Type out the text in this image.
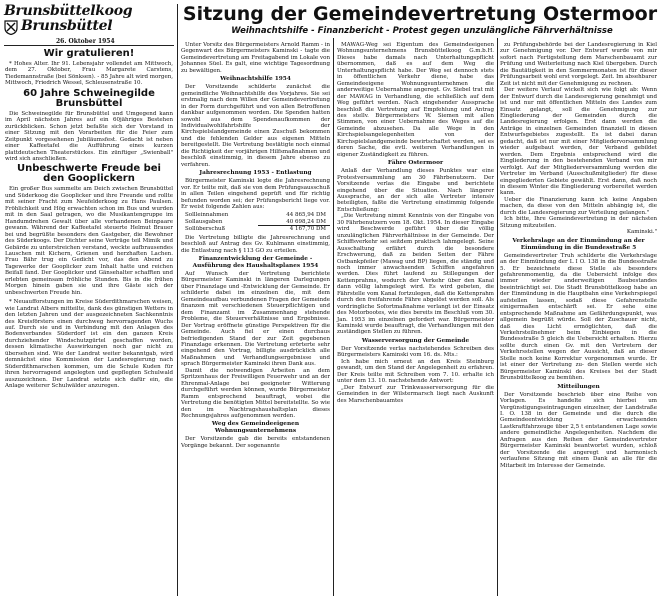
Brunsbüttelkoog
Brunsbüttel
26. Oktober 1954
Sitzung der Gemeindevertretung Ostermoor
Weihnachtshilfe - Finanzbericht - Protest gegen unzulängliche Fährverhältnisse
Wir gratulieren!

* Hohes Alter. Ihr 91. Lebensjahr vollendet am Mittwoch, dem 27. Oktober, Frau Margarete Carstens, Tiedemannstraße (bei Sönksen). - 85 Jahre alt wird morgen, Mittwoch, Friedrich Wessel, Schleusenstraße 10.

60 Jahre Schweinegilde Brunsbüttel

Die Schweinegilde für Brunsbüttel und Umgegend kann im April nächsten Jahres auf ein 60jähriges Bestehen zurückblicken. Schon jetzt befaßte sich der Vorstand in einer Sitzung mit den Vorarbeiten für die Feier zum Zeitpunkt vorgesehenen Jubiläumsfest. Gedacht ist neben einer Kaffeetafel die Aufführung eines kurzen plattdeutschen Theaterstückes. Ein zünftiger „Swienball" wird sich anschließen.

Unbeschwerte Freude bei den Gooplickern

Ein großer Bus sammelte am Deich zwischen Brunsbüttel und Süderkoog die Gooplicker und ihre Freunde und rollte mit seiner Fracht zum Neufelderkoog zu Hans Paulsen. Fröhlichkeit und Hög erwachten schon im Bus und wurden mit in den Saal getragen, wo die Musikantengruppe im Handumdrehen Gewalt über alle vorhandenen Beinpaare gewann. Während der Kaffeetafel steuerte Helmut Brauer bei und begrüßte besonders den Gastgeber, die Bewohner des Süderkoogs. Der Dichter seine Verträge teil Mimik und Gebärde zu unterstreichen verstand, weckte aufbrausendes Lauschen mit Kichern, Grienen und herzhaften Lachen. Frau Bähr trug ein Gedicht vor, das den Abend zu Tagewerke der Gooplicker zum Inhalt hatte und reichen Beifall fand. Der Gooplicker und Gänsehalter schafften und erlebten gemeinsam fröhliche Stunden. Bis in die frühen Morgen hinein gaben sie und ihre Gäste sich der unbeschwerten Freude hin.

* Neuaufforstungen im Kreise Süderdithmarschen weisen, wie Landrat Albers mitteilte, dank des günstigen Wetters in den letzten Jahren und der ausgezeichneten Sachkenntnis des Kreisförsters einen durchweg hervorragenden Wuchs auf. Durch sie und in Verbindung mit den Anlagen des Bodenverbandes Süderdorf ist ein den ganzen Kreis durchziehender Windschutzgürtel geschaffen worden, dessen klimatische Auswirkungen noch gar nicht zu übersehen sind. Wie der Landrat weiter bekanntgab, wird demnächst eine Kommission der Landesregierung nach Süderdithmarschen kommen, um die Schule Kuden für ihren hervorragend angelegten und gepflegten Schulwald auszuzeichnen. Der Landrat setzte sich dafür ein, die Anlage weiterer Schulwälder anzuregen.

Unter Vorsitz des Bürgermeisters Arnold Ramm - in Gegenwart des Bürgermeisters Kaminski - tagte die Gemeindevertretung am Freitagabend im Lokale von Johannes Süel. Es galt, eine wichtige Tagesordnung zu bewältigen.

Weihnachtshilfe 1954

Der Vorsitzende schilderte zunächst die gemeindliche Weihnachtshilfe des Vorjahres. Sie sei erstmalig nach dem Willen der Gemeindevertretung in der Form durchgeführt und von allen Betroffenen dankbar aufgenommen worden. Die Spenden hatten sowohl aus dem Spendenaufkommen der Individualwohlfahrtshilfe der Kirchspielslandgemeinde einen Zuschuß bekommen und die fehlenden Gelder aus eigenen Mitteln bereitgestellt. Die Vertretung bestätigte noch einmal die Richtigkeit der vorjährigen Hilfsmaßnahmen und beschloß einstimmig, in diesem Jahre ebenso zu verfahren.

Jahresrechnung 1953 - Entlastung

Bürgermeister Kaminski legte die Jahresrechnung vor. Er teilte mit, daß sie von dem Prüfungsausschuß in allen Teilen eingehend geprüft und für richtig befunden worden sei; der Prüfungsbericht liege vor. Er weist folgende Zahlen aus:

Sollleinnahmen	44 865,94 DM
Sollausgaben	40 698,24 DM
Sollüberschuß	4 167,70 DM

Die Vertretung billigte die Jahresrechnung und beschloß auf Antrag des Gv. Kuhlmann einstimmig, die Entlastung nach § 113 GO zu erteilen.

Finanzentwicklung der Gemeinde - Ausführung des Haushaltsplanes 1954

Auf Wunsch der Vertretung berichtete Bürgermeister Kaminski in längeren Darlegungen über Finanzlage und -Entwicklung der Gemeinde. Er schilderte dabei im einzelnen die, mit dem Gemeindeaufbau verbundenen Fragen der Gemeinde finanzen mit verschiedenen Steuerpflichtigen und dem Finanzamt im Zusammenhang stehende Probleme, die Steuerverhältnisse und Ergebnisse. Der Vortrag eröffnete günstige Perspektiven für die Gemeinde. Auch fiel er einen durchaus befriedigenden Stand der zur Zeit gegebenen Finanzlage erkennen. Die Vertretung erörterte sehr eingehend den Vortrag, billigte ausdrücklich alle Maßnahmen und Verhandlungsergebnisse und sprach Bürgermeister Kaminski ihren Dank aus.

Damit die notwendigen Arbeiten an dem Spritzenhaus der Freiwilligen Feuerwehr und an der Ehrenmal-Anlage bei geeigneter Witterung durchgeführt werden können, wurde Bürgermeister Ramm entsprechend beauftragt, wobei die Vertretung die benötigten Mittel bereitstellte. So wie den im Nachtragshaushaltsplan dieses Rechnungsjahres aufgenommen werden.

Weg des Gemeindeeigenen Wohnungsunternehmens

Der Vorsitzende gab die bereits entstandenen Vorgänge bekannt. Der sogenannte

MAWAG-Weg sei Eigentum des Gemeindeeigenen Wohnungsunternehmens Brunsbüttelkoog G.m.b.H. Dieses habe damals nach Unterhaltungspflicht übernommen, daß es auf dem Weg die Unterhaltungspflicht habe. Der Weg sei dennoch stets in öffentlichen Verkehr diene, habe das Gemeindeeigene Wohnungsunternehmen die anderweitige Uebernahme angeregt. Gv. Siebel trat mit der MAWAG in Verhandlung, die schließlich auf dem Weg geführt werden. Nach eingehender Aussprache beschloß die Vertretung auf Empfehlung und Antrag des stellv. Bürgermeisters W. Siemen mit allen Stimmen, von einer Uebernahme des Weges auf die Gemeinde abzusehen. Da alle Wege in den Kirchspielsangelegenheiten von der Kirchspielslandgemeinde bewirtschaftet werden, sei es deren Sache, die evtl. weiteren Verhandlungen in eigener Zuständigkeit zu führen.

Fähre Ostermoor

Anlaß der Verhandlung dieses Punktes war eine Protestversammlung am 30 Fährbenutzern. Der Vorsitzende verlas die Eingabe und berichtete eingehend über die Situation. Nach längerer Aussprache, an der sich alle Vertreter intensiv beteiligten, faßte die Vertretung einstimmig folgende Entschließung:

„Die Vertretung nimmt Kenntnis von der Eingabe von 30 Fährbenutzern vom 18. Okt. 1954. In dieser Eingabe wird Beschwerde geführt über die völlig unzulänglichen Fährverhältnisse in der Gemeinde. Der Schiffsverkehr sei seitdem praktisch lahmgelegt. Seine Ausschaltung erfährt durch die besondere Erschwerung, daß zu beiden Seiten der Fähre Ostbankpfeiler (Mawag und BP) liegen, die ständig und noch immer anwachsenden Schiffen angefahren werden. Dies führt laufend zu Stillegungen der Kettenprahms, wodurch der Verkehr über den Kanal dann völlig lahmgelegt wird. Es wird gebeten, die Fährstelle vom Kanal fortzulegen, daß die Kettenprahm durch den freifahrende Fähre abgelöst werden soll. Als vordringliche Sofortmaßnahme verlangt ist der Einsatz des Motorbootes, wie dies bereits im Beschluß vom 30. Jan. 1953 im einzelnen gefordert war. Bürgermeister Kaminski wurde beauftragt, die Verhandlungen mit den zuständigen Stellen zu führen.

Wasserversorgung der Gemeinde

Der Vorsitzende verlas nachstehendes Schreiben des Bürgermeisters Kaminski vom 16. ds. Mts.:

Ich habe mich erneut an den Kreis Steinburg gewandt, um den Stand der Angelegenheit zu erfahren. Der Kreis teilte mit Schreiben vom 7. 10. erhalte ich unter dem 13. 10. nachstehende Antwort:

„Der Entwurf zur Trinkwasserversorgung für die Gemeinden in der Wilstermarsch liegt nach Auskunft des Marschenbauamtes

zu Prüfungsbehörde bei der Landesregierung in Kiel zur Genehmigung vor. Der Entwurf wurde von mir sofort nach Fertigstellung dem Marschenbauamt zur Prüfung und Weiterleitung nach Kiel übergeben. Durch die Bautätigkeit in den Sommermonaten ist für dieser Prüfungsarbeit wohl erst vorgelegt. Zeit. Im absehbarer Zeit ist nicht mit der Genehmigung zu rechnen.

Der weitere Verlauf wickelt sich wie folgt ab: Wenn der Entwurf durch die Landesregierung genehmigt und ist und nur mit öffentlichen Mitteln des Landes zum Einsatz gelangt, soll die Genehmigung zur Eingliederung der Gemeinden durch die Landesregierung erfolgen. Erst dann werden die Anträge in einzelnen Gemeinden finanziell in diesen Entwurfsgebietes zugestellt. Es ist dabei daran gedacht, daß ist nur mit einer Mitgliedervorsammlung wieder aufgebaut werden, der Verband gebildet werden. Dem Ergebnis entsprechend wird die Eingliederung in den bestehenden Verband von mir verfolgt. Auf der Mitgliederversammlung werden die Vertreter im Verband (Ausschußmitglieder) für diese eingegliederten Gebiete gewählt. Erst dann, daß noch in diesem Winter die Eingliederung vorbereitet werden kann.

Ueber die Finanzierung kann ich keine Angaben machen, da diese von den Mitteln abhängig ist, die durch die Landesregierung zur Verteilung gelangen."

Ich bitte, Ihre Gemeindevertretung in der nächsten Sitzung mitzuteilen.

Kaminski."

Verkehrslage an der Einmündung an der Einmündung in die Bundesstraße 5

Gemeindevertreter Truh schilderte die Verkehrslage an der Einmündung der L I O. 138 in die Bundesstraße 5. Er bezeichnete diese Stelle als besonders gefahrenmomentig, da die Uebersicht infolge des immer wieder anderweitigen Baubestandes beeinträchtigt sei. Die Stadt Brunsbüttelkoog habe an der Einmündung in die Hauptbahn eine Verkehrspiegel aufstellen lassen, sodaß diese Gefahrenstelle einigermaßen entschärft sei. Er sehe eine entsprechende Maßnahme am Gefährdungspunkt, was allgemein begrüßt würde. Soll der Zuschauer nicht, daß dies Licht ermöglichten, daß die Verkehrsteilnehmer beim Einbiegen in die Bundesstraße 5 gleich die Uebersicht erhalten. Hierzu sollte durch einen Gv. mit den Vertretern der Verkehrsstellen wegen der Aussicht, daß an dieser Stelle noch keine Korrektur vorgenommen wurde. Er ist einer der Vertretung zu- den Stellen werde sich Bürgermeister Kaminski des Kreises bei der Stadt Brunsbüttelkoog zu bemühen.

Mitteilungen

Der Vorsitzende beschrieb über eine Reihe von Vorlagen. Es handelte sich hierbei um Vergünstigungseintragungen einzelner, der Landstraße I. O. 138 in der Gemeinde und die durch die Gemeindeentwicklung erwachsenden Lastkraftfahrzeuge über 2,5 t entstandenen Lage sowie andere gemeindliche Angelegenheiten. Nachdem die Anfragen aus den Reihen der Gemeindevertreter Bürgermeister Kaminski beantwortet wurden, schloß der Vorsitzende die angeregt und harmonisch verlaufene Sitzung mit einem Dank an alle für die Mitarbeit im Interesse der Gemeinde.
